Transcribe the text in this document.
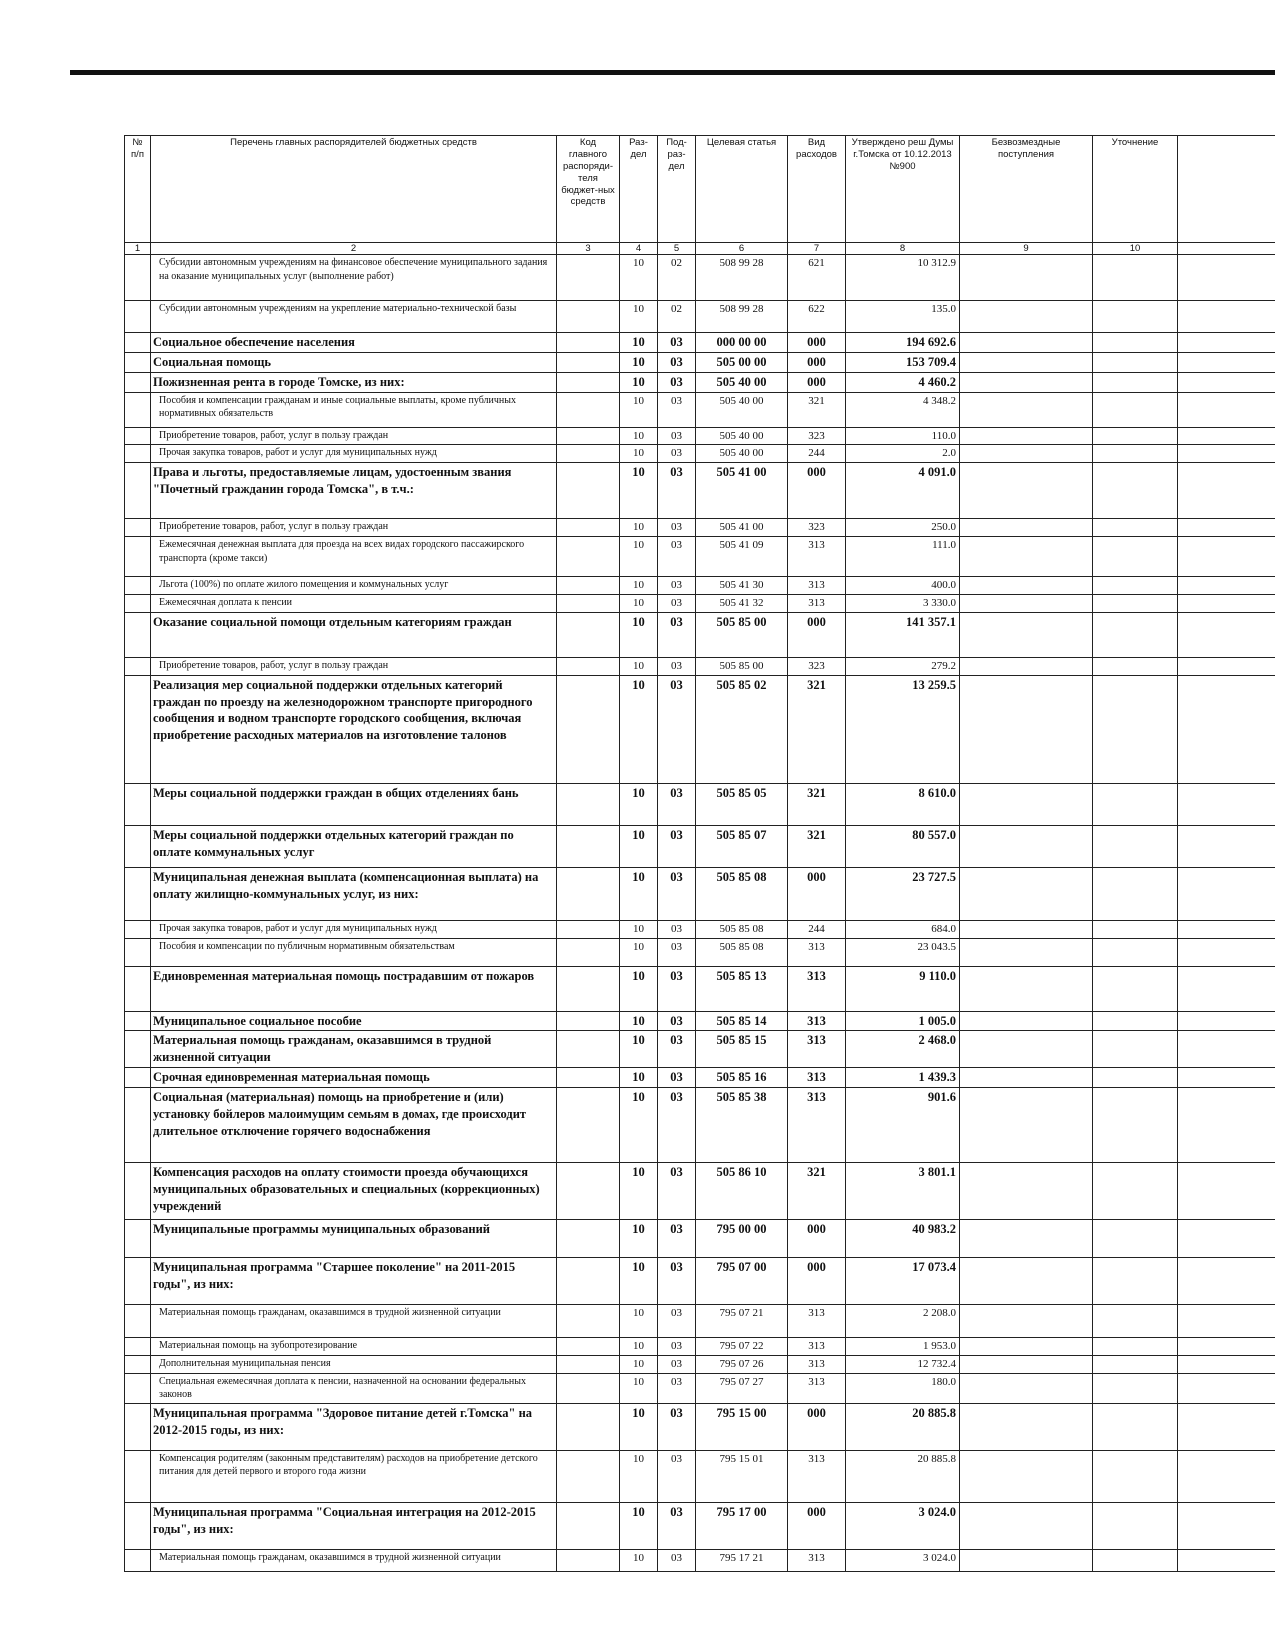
№ п/п	Перечень главных распорядителей бюджетных средств	Код главного распоряди-теля бюджет-ных средств	Раз-дел	Под-раз-дел	Целевая статья	Вид расходов	Утверждено реш Думы г.Томска от 10.12.2013 №900	Безвозмездные поступления	Уточнение	
1	2	3	4	5	6	7	8	9	10	
	Субсидии автономным учреждениям на финансовое обеспечение муниципального задания на оказание муниципальных услуг (выполнение работ)		10	02	508 99 28	621	10 312.9			
	Субсидии автономным учреждениям на укрепление материально-технической базы		10	02	508 99 28	622	135.0			
	Социальное обеспечение населения		10	03	000 00 00	000	194 692.6			
	Социальная помощь		10	03	505 00 00	000	153 709.4			
	Пожизненная рента в городе Томске, из них:		10	03	505 40 00	000	4 460.2			
	Пособия и компенсации гражданам и иные социальные выплаты, кроме публичных нормативных обязательств		10	03	505 40 00	321	4 348.2			
	Приобретение товаров, работ, услуг в пользу граждан		10	03	505 40 00	323	110.0			
	Прочая закупка товаров, работ и услуг для муниципальных нужд		10	03	505 40 00	244	2.0			
	Права и льготы, предоставляемые лицам, удостоенным звания "Почетный гражданин города Томска", в т.ч.:		10	03	505 41 00	000	4 091.0			
	Приобретение товаров, работ, услуг в пользу граждан		10	03	505 41 00	323	250.0			
	Ежемесячная денежная выплата для проезда на всех видах городского пассажирского транспорта (кроме такси)		10	03	505 41 09	313	111.0			
	Льгота (100%) по оплате жилого помещения и коммунальных услуг		10	03	505 41 30	313	400.0			
	Ежемесячная доплата к пенсии		10	03	505 41 32	313	3 330.0			
	Оказание социальной помощи отдельным категориям граждан		10	03	505 85 00	000	141 357.1			
	Приобретение товаров, работ, услуг в пользу граждан		10	03	505 85 00	323	279.2			
	Реализация мер социальной поддержки отдельных категорий граждан по проезду на железнодорожном транспорте пригородного сообщения и водном транспорте городского сообщения, включая приобретение расходных материалов на изготовление талонов		10	03	505 85 02	321	13 259.5			
	Меры социальной поддержки граждан в общих отделениях бань		10	03	505 85 05	321	8 610.0			
	Меры социальной поддержки отдельных категорий граждан по оплате коммунальных услуг		10	03	505 85 07	321	80 557.0			
	Муниципальная денежная выплата (компенсационная выплата) на оплату жилищно-коммунальных услуг, из них:		10	03	505 85 08	000	23 727.5			
	Прочая закупка товаров, работ и услуг для муниципальных нужд		10	03	505 85 08	244	684.0			
	Пособия и компенсации по публичным нормативным обязательствам		10	03	505 85 08	313	23 043.5			
	Единовременная материальная помощь пострадавшим от пожаров		10	03	505 85 13	313	9 110.0			
	Муниципальное социальное пособие		10	03	505 85 14	313	1 005.0			
	Материальная помощь гражданам, оказавшимся в трудной жизненной ситуации		10	03	505 85 15	313	2 468.0			
	Срочная единовременная материальная помощь		10	03	505 85 16	313	1 439.3			
	Социальная (материальная) помощь на приобретение и (или) установку бойлеров малоимущим семьям в домах, где происходит длительное отключение горячего водоснабжения		10	03	505 85 38	313	901.6			
	Компенсация расходов на оплату стоимости проезда обучающихся муниципальных образовательных и специальных (коррекционных) учреждений		10	03	505 86 10	321	3 801.1			
	Муниципальные программы муниципальных образований		10	03	795 00 00	000	40 983.2			
	Муниципальная программа "Старшее поколение" на 2011-2015 годы", из них:		10	03	795 07 00	000	17 073.4			
	Материальная помощь гражданам, оказавшимся в трудной жизненной ситуации		10	03	795 07 21	313	2 208.0			
	Материальная помощь на зубопротезирование		10	03	795 07 22	313	1 953.0			
	Дополнительная муниципальная пенсия		10	03	795 07 26	313	12 732.4			
	Специальная ежемесячная доплата к пенсии, назначенной на основании федеральных законов		10	03	795 07 27	313	180.0			
	Муниципальная программа "Здоровое питание детей г.Томска" на 2012-2015 годы, из них:		10	03	795 15 00	000	20 885.8			
	Компенсация родителям (законным представителям) расходов на приобретение детского питания для детей первого и второго года жизни		10	03	795 15 01	313	20 885.8			
	Муниципальная программа "Социальная интеграция на 2012-2015 годы", из них:		10	03	795 17 00	000	3 024.0			
	Материальная помощь гражданам, оказавшимся в трудной жизненной ситуации		10	03	795 17 21	313	3 024.0			
